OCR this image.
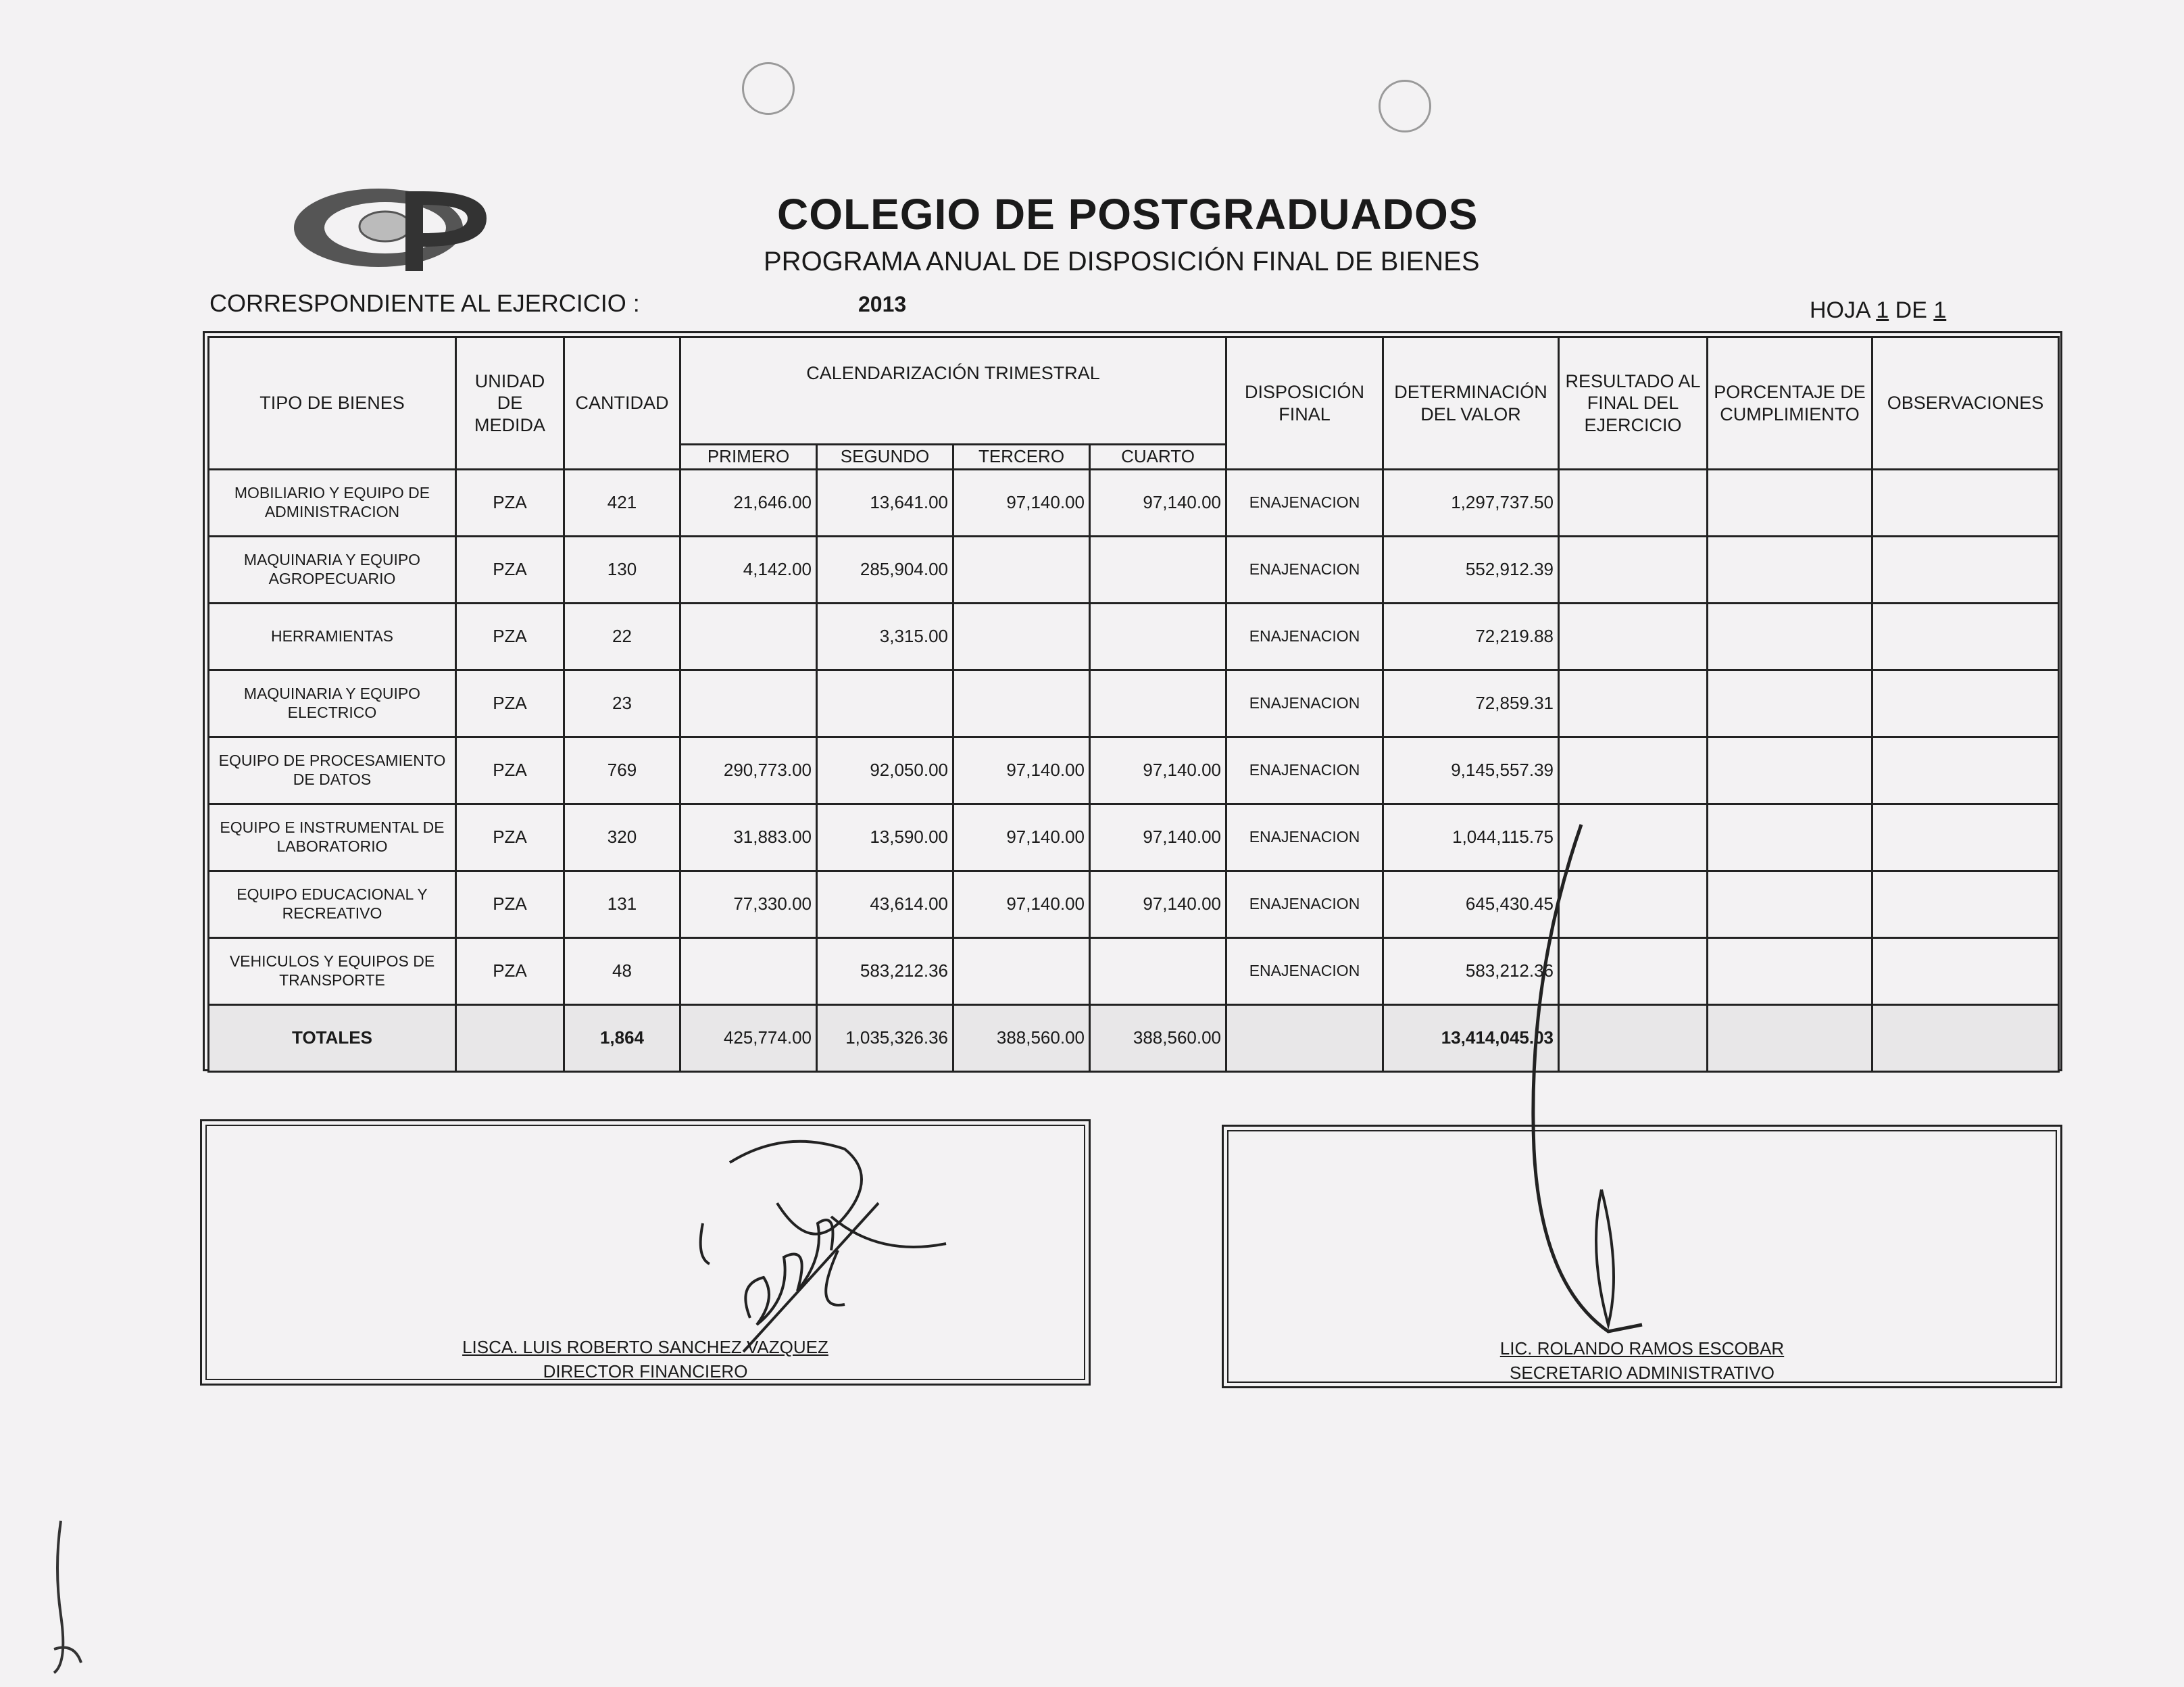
COLEGIO DE POSTGRADUADOS
PROGRAMA ANUAL DE DISPOSICIÓN FINAL DE BIENES
CORRESPONDIENTE AL EJERCICIO :	2013	HOJA 1 DE 1
TIPO DE BIENES	UNIDAD DE MEDIDA	CANTIDAD	CALENDARIZACIÓN TRIMESTRAL				DISPOSICIÓN FINAL	DETERMINACIÓN DEL VALOR	RESULTADO AL FINAL DEL EJERCICIO	PORCENTAJE DE CUMPLIMIENTO	OBSERVACIONES
			PRIMERO	SEGUNDO	TERCERO	CUARTO					
MOBILIARIO Y EQUIPO DE ADMINISTRACION	PZA	421	21,646.00	13,641.00	97,140.00	97,140.00	ENAJENACION	1,297,737.50			
MAQUINARIA Y EQUIPO AGROPECUARIO	PZA	130	4,142.00	285,904.00			ENAJENACION	552,912.39			
HERRAMIENTAS	PZA	22		3,315.00			ENAJENACION	72,219.88			
MAQUINARIA Y EQUIPO ELECTRICO	PZA	23					ENAJENACION	72,859.31			
EQUIPO DE PROCESAMIENTO DE DATOS	PZA	769	290,773.00	92,050.00	97,140.00	97,140.00	ENAJENACION	9,145,557.39			
EQUIPO E INSTRUMENTAL DE LABORATORIO	PZA	320	31,883.00	13,590.00	97,140.00	97,140.00	ENAJENACION	1,044,115.75			
EQUIPO EDUCACIONAL Y RECREATIVO	PZA	131	77,330.00	43,614.00	97,140.00	97,140.00	ENAJENACION	645,430.45			
VEHICULOS Y EQUIPOS DE TRANSPORTE	PZA	48		583,212.36			ENAJENACION	583,212.36			
TOTALES		1,864	425,774.00	1,035,326.36	388,560.00	388,560.00		13,414,045.03			
LISCA. LUIS ROBERTO SANCHEZ VAZQUEZ
DIRECTOR FINANCIERO
LIC. ROLANDO RAMOS ESCOBAR
SECRETARIO ADMINISTRATIVO
